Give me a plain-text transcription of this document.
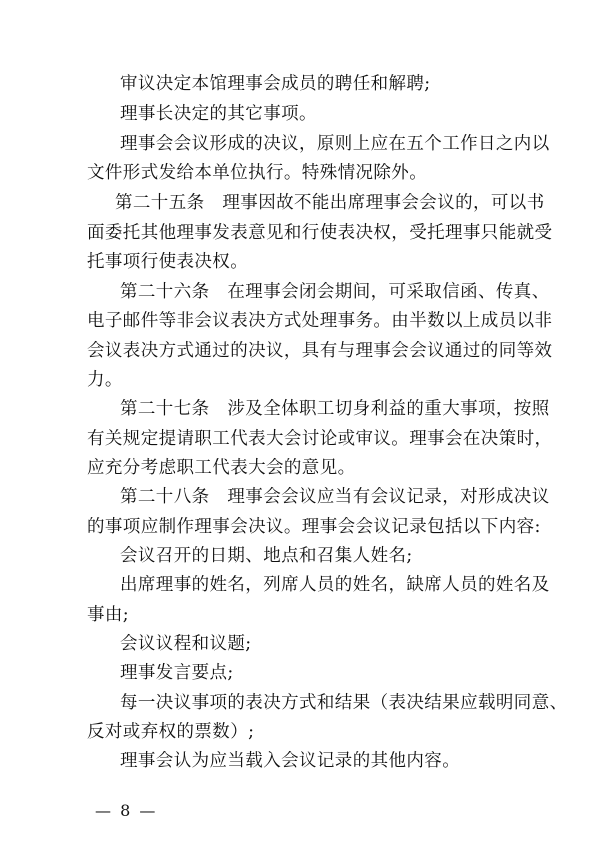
审议决定本馆理事会成员的聘任和解聘;
理事长决定的其它事项。
理事会会议形成的决议，原则上应在五个工作日之内以
文件形式发给本单位执行。特殊情况除外。
第二十五条　理事因故不能出席理事会会议的，可以书
面委托其他理事发表意见和行使表决权，受托理事只能就受
托事项行使表决权。
第二十六条　在理事会闭会期间，可采取信函、传真、
电子邮件等非会议表决方式处理事务。由半数以上成员以非
会议表决方式通过的决议，具有与理事会会议通过的同等效
力。
第二十七条　涉及全体职工切身利益的重大事项，按照
有关规定提请职工代表大会讨论或审议。理事会在决策时，
应充分考虑职工代表大会的意见。
第二十八条　理事会会议应当有会议记录，对形成决议
的事项应制作理事会决议。理事会会议记录包括以下内容:
会议召开的日期、地点和召集人姓名;
出席理事的姓名，列席人员的姓名，缺席人员的姓名及
事由;
会议议程和议题;
理事发言要点;
每一决议事项的表决方式和结果（表决结果应载明同意、
反对或弃权的票数）;
理事会认为应当载入会议记录的其他内容。
— 8 —
